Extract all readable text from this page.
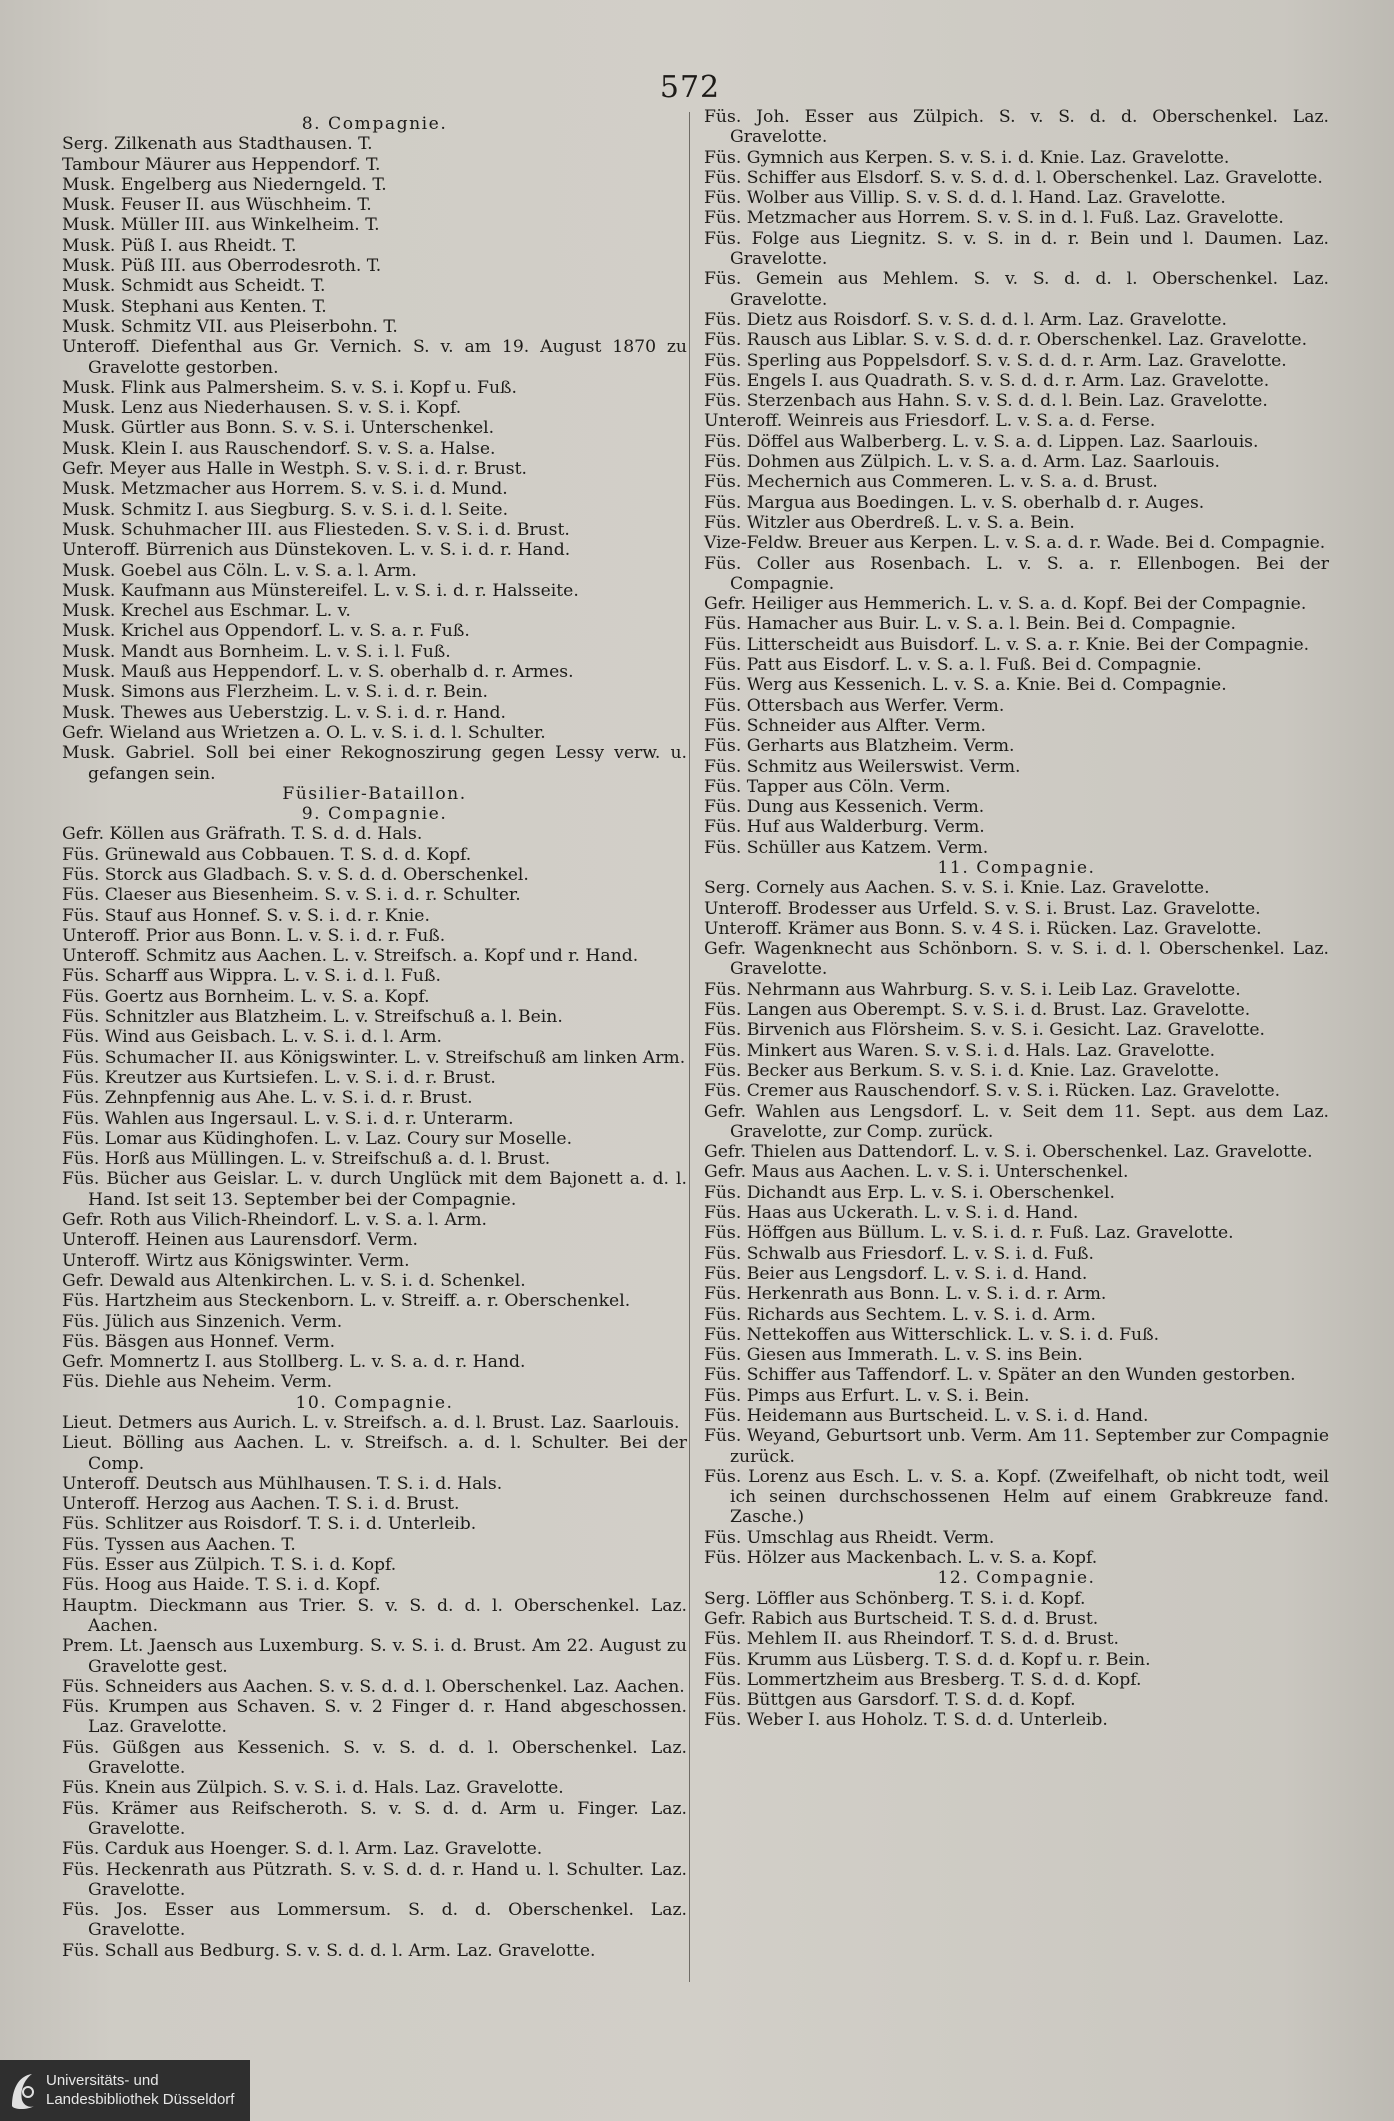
572
8. Compagnie.
Serg. Zilkenath aus Stadthausen. T.
Tambour Mäurer aus Heppendorf. T.
Musk. Engelberg aus Niederngeld. T.
Musk. Feuser II. aus Wüschheim. T.
Musk. Müller III. aus Winkelheim. T.
Musk. Püß I. aus Rheidt. T.
Musk. Püß III. aus Oberrodesroth. T.
Musk. Schmidt aus Scheidt. T.
Musk. Stephani aus Kenten. T.
Musk. Schmitz VII. aus Pleiserbohn. T.
Unteroff. Diefenthal aus Gr. Vernich. S. v. am 19. August 1870 zu Gravelotte gestorben.
Musk. Flink aus Palmersheim. S. v. S. i. Kopf u. Fuß.
Musk. Lenz aus Niederhausen. S. v. S. i. Kopf.
Musk. Gürtler aus Bonn. S. v. S. i. Unterschenkel.
Musk. Klein I. aus Rauschendorf. S. v. S. a. Halse.
Gefr. Meyer aus Halle in Westph. S. v. S. i. d. r. Brust.
Musk. Metzmacher aus Horrem. S. v. S. i. d. Mund.
Musk. Schmitz I. aus Siegburg. S. v. S. i. d. l. Seite.
Musk. Schuhmacher III. aus Fliesteden. S. v. S. i. d. Brust.
Unteroff. Bürrenich aus Dünstekoven. L. v. S. i. d. r. Hand.
Musk. Goebel aus Cöln. L. v. S. a. l. Arm.
Musk. Kaufmann aus Münstereifel. L. v. S. i. d. r. Halsseite.
Musk. Krechel aus Eschmar. L. v.
Musk. Krichel aus Oppendorf. L. v. S. a. r. Fuß.
Musk. Mandt aus Bornheim. L. v. S. i. l. Fuß.
Musk. Mauß aus Heppendorf. L. v. S. oberhalb d. r. Armes.
Musk. Simons aus Flerzheim. L. v. S. i. d. r. Bein.
Musk. Thewes aus Ueberstzig. L. v. S. i. d. r. Hand.
Gefr. Wieland aus Wrietzen a. O. L. v. S. i. d. l. Schulter.
Musk. Gabriel. Soll bei einer Rekognoszirung gegen Lessy verw. u. gefangen sein.
Füsilier-Bataillon.
9. Compagnie.
Gefr. Köllen aus Gräfrath. T. S. d. d. Hals.
Füs. Grünewald aus Cobbauen. T. S. d. d. Kopf.
Füs. Storck aus Gladbach. S. v. S. d. d. Oberschenkel.
Füs. Claeser aus Biesenheim. S. v. S. i. d. r. Schulter.
Füs. Stauf aus Honnef. S. v. S. i. d. r. Knie.
Unteroff. Prior aus Bonn. L. v. S. i. d. r. Fuß.
Unteroff. Schmitz aus Aachen. L. v. Streifsch. a. Kopf und r. Hand.
Füs. Scharff aus Wippra. L. v. S. i. d. l. Fuß.
Füs. Goertz aus Bornheim. L. v. S. a. Kopf.
Füs. Schnitzler aus Blatzheim. L. v. Streifschuß a. l. Bein.
Füs. Wind aus Geisbach. L. v. S. i. d. l. Arm.
Füs. Schumacher II. aus Königswinter. L. v. Streifschuß am linken Arm.
Füs. Kreutzer aus Kurtsiefen. L. v. S. i. d. r. Brust.
Füs. Zehnpfennig aus Ahe. L. v. S. i. d. r. Brust.
Füs. Wahlen aus Ingersaul. L. v. S. i. d. r. Unterarm.
Füs. Lomar aus Küdinghofen. L. v. Laz. Coury sur Moselle.
Füs. Horß aus Müllingen. L. v. Streifschuß a. d. l. Brust.
Füs. Bücher aus Geislar. L. v. durch Unglück mit dem Bajonett a. d. l. Hand. Ist seit 13. September bei der Compagnie.
Gefr. Roth aus Vilich-Rheindorf. L. v. S. a. l. Arm.
Unteroff. Heinen aus Laurensdorf. Verm.
Unteroff. Wirtz aus Königswinter. Verm.
Gefr. Dewald aus Altenkirchen. L. v. S. i. d. Schenkel.
Füs. Hartzheim aus Steckenborn. L. v. Streiff. a. r. Oberschenkel.
Füs. Jülich aus Sinzenich. Verm.
Füs. Bäsgen aus Honnef. Verm.
Gefr. Momnertz I. aus Stollberg. L. v. S. a. d. r. Hand.
Füs. Diehle aus Neheim. Verm.
10. Compagnie.
Lieut. Detmers aus Aurich. L. v. Streifsch. a. d. l. Brust. Laz. Saarlouis.
Lieut. Bölling aus Aachen. L. v. Streifsch. a. d. l. Schulter. Bei der Comp.
Unteroff. Deutsch aus Mühlhausen. T. S. i. d. Hals.
Unteroff. Herzog aus Aachen. T. S. i. d. Brust.
Füs. Schlitzer aus Roisdorf. T. S. i. d. Unterleib.
Füs. Tyssen aus Aachen. T.
Füs. Esser aus Zülpich. T. S. i. d. Kopf.
Füs. Hoog aus Haide. T. S. i. d. Kopf.
Hauptm. Dieckmann aus Trier. S. v. S. d. d. l. Oberschenkel. Laz. Aachen.
Prem. Lt. Jaensch aus Luxemburg. S. v. S. i. d. Brust. Am 22. August zu Gravelotte gest.
Füs. Schneiders aus Aachen. S. v. S. d. d. l. Oberschenkel. Laz. Aachen.
Füs. Krumpen aus Schaven. S. v. 2 Finger d. r. Hand abgeschossen. Laz. Gravelotte.
Füs. Güßgen aus Kessenich. S. v. S. d. d. l. Oberschenkel. Laz. Gravelotte.
Füs. Knein aus Zülpich. S. v. S. i. d. Hals. Laz. Gravelotte.
Füs. Krämer aus Reifscheroth. S. v. S. d. d. Arm u. Finger. Laz. Gravelotte.
Füs. Carduk aus Hoenger. S. d. l. Arm. Laz. Gravelotte.
Füs. Heckenrath aus Pützrath. S. v. S. d. d. r. Hand u. l. Schulter. Laz. Gravelotte.
Füs. Jos. Esser aus Lommersum. S. d. d. Oberschenkel. Laz. Gravelotte.
Füs. Schall aus Bedburg. S. v. S. d. d. l. Arm. Laz. Gravelotte.
Füs. Joh. Esser aus Zülpich. S. v. S. d. d. Oberschenkel. Laz. Gravelotte.
Füs. Gymnich aus Kerpen. S. v. S. i. d. Knie. Laz. Gravelotte.
Füs. Schiffer aus Elsdorf. S. v. S. d. d. l. Oberschenkel. Laz. Gravelotte.
Füs. Wolber aus Villip. S. v. S. d. d. l. Hand. Laz. Gravelotte.
Füs. Metzmacher aus Horrem. S. v. S. in d. l. Fuß. Laz. Gravelotte.
Füs. Folge aus Liegnitz. S. v. S. in d. r. Bein und l. Daumen. Laz. Gravelotte.
Füs. Gemein aus Mehlem. S. v. S. d. d. l. Oberschenkel. Laz. Gravelotte.
Füs. Dietz aus Roisdorf. S. v. S. d. d. l. Arm. Laz. Gravelotte.
Füs. Rausch aus Liblar. S. v. S. d. d. r. Oberschenkel. Laz. Gravelotte.
Füs. Sperling aus Poppelsdorf. S. v. S. d. d. r. Arm. Laz. Gravelotte.
Füs. Engels I. aus Quadrath. S. v. S. d. d. r. Arm. Laz. Gravelotte.
Füs. Sterzenbach aus Hahn. S. v. S. d. d. l. Bein. Laz. Gravelotte.
Unteroff. Weinreis aus Friesdorf. L. v. S. a. d. Ferse.
Füs. Döffel aus Walberberg. L. v. S. a. d. Lippen. Laz. Saarlouis.
Füs. Dohmen aus Zülpich. L. v. S. a. d. Arm. Laz. Saarlouis.
Füs. Mechernich aus Commeren. L. v. S. a. d. Brust.
Füs. Margua aus Boedingen. L. v. S. oberhalb d. r. Auges.
Füs. Witzler aus Oberdreß. L. v. S. a. Bein.
Vize-Feldw. Breuer aus Kerpen. L. v. S. a. d. r. Wade. Bei d. Compagnie.
Füs. Coller aus Rosenbach. L. v. S. a. r. Ellenbogen. Bei der Compagnie.
Gefr. Heiliger aus Hemmerich. L. v. S. a. d. Kopf. Bei der Compagnie.
Füs. Hamacher aus Buir. L. v. S. a. l. Bein. Bei d. Compagnie.
Füs. Litterscheidt aus Buisdorf. L. v. S. a. r. Knie. Bei der Compagnie.
Füs. Patt aus Eisdorf. L. v. S. a. l. Fuß. Bei d. Compagnie.
Füs. Werg aus Kessenich. L. v. S. a. Knie. Bei d. Compagnie.
Füs. Ottersbach aus Werfer. Verm.
Füs. Schneider aus Alfter. Verm.
Füs. Gerharts aus Blatzheim. Verm.
Füs. Schmitz aus Weilerswist. Verm.
Füs. Tapper aus Cöln. Verm.
Füs. Dung aus Kessenich. Verm.
Füs. Huf aus Walderburg. Verm.
Füs. Schüller aus Katzem. Verm.
11. Compagnie.
Serg. Cornely aus Aachen. S. v. S. i. Knie. Laz. Gravelotte.
Unteroff. Brodesser aus Urfeld. S. v. S. i. Brust. Laz. Gravelotte.
Unteroff. Krämer aus Bonn. S. v. 4 S. i. Rücken. Laz. Gravelotte.
Gefr. Wagenknecht aus Schönborn. S. v. S. i. d. l. Oberschenkel. Laz. Gravelotte.
Füs. Nehrmann aus Wahrburg. S. v. S. i. Leib Laz. Gravelotte.
Füs. Langen aus Oberempt. S. v. S. i. d. Brust. Laz. Gravelotte.
Füs. Birvenich aus Flörsheim. S. v. S. i. Gesicht. Laz. Gravelotte.
Füs. Minkert aus Waren. S. v. S. i. d. Hals. Laz. Gravelotte.
Füs. Becker aus Berkum. S. v. S. i. d. Knie. Laz. Gravelotte.
Füs. Cremer aus Rauschendorf. S. v. S. i. Rücken. Laz. Gravelotte.
Gefr. Wahlen aus Lengsdorf. L. v. Seit dem 11. Sept. aus dem Laz. Gravelotte, zur Comp. zurück.
Gefr. Thielen aus Dattendorf. L. v. S. i. Oberschenkel. Laz. Gravelotte.
Gefr. Maus aus Aachen. L. v. S. i. Unterschenkel.
Füs. Dichandt aus Erp. L. v. S. i. Oberschenkel.
Füs. Haas aus Uckerath. L. v. S. i. d. Hand.
Füs. Höffgen aus Büllum. L. v. S. i. d. r. Fuß. Laz. Gravelotte.
Füs. Schwalb aus Friesdorf. L. v. S. i. d. Fuß.
Füs. Beier aus Lengsdorf. L. v. S. i. d. Hand.
Füs. Herkenrath aus Bonn. L. v. S. i. d. r. Arm.
Füs. Richards aus Sechtem. L. v. S. i. d. Arm.
Füs. Nettekoffen aus Witterschlick. L. v. S. i. d. Fuß.
Füs. Giesen aus Immerath. L. v. S. ins Bein.
Füs. Schiffer aus Taffendorf. L. v. Später an den Wunden gestorben.
Füs. Pimps aus Erfurt. L. v. S. i. Bein.
Füs. Heidemann aus Burtscheid. L. v. S. i. d. Hand.
Füs. Weyand, Geburtsort unb. Verm. Am 11. September zur Compagnie zurück.
Füs. Lorenz aus Esch. L. v. S. a. Kopf. (Zweifelhaft, ob nicht todt, weil ich seinen durchschossenen Helm auf einem Grabkreuze fand. Zasche.)
Füs. Umschlag aus Rheidt. Verm.
Füs. Hölzer aus Mackenbach. L. v. S. a. Kopf.
12. Compagnie.
Serg. Löffler aus Schönberg. T. S. i. d. Kopf.
Gefr. Rabich aus Burtscheid. T. S. d. d. Brust.
Füs. Mehlem II. aus Rheindorf. T. S. d. d. Brust.
Füs. Krumm aus Lüsberg. T. S. d. d. Kopf u. r. Bein.
Füs. Lommertzheim aus Bresberg. T. S. d. d. Kopf.
Füs. Büttgen aus Garsdorf. T. S. d. d. Kopf.
Füs. Weber I. aus Hoholz. T. S. d. d. Unterleib.
Universitäts- und
Landesbibliothek Düsseldorf
